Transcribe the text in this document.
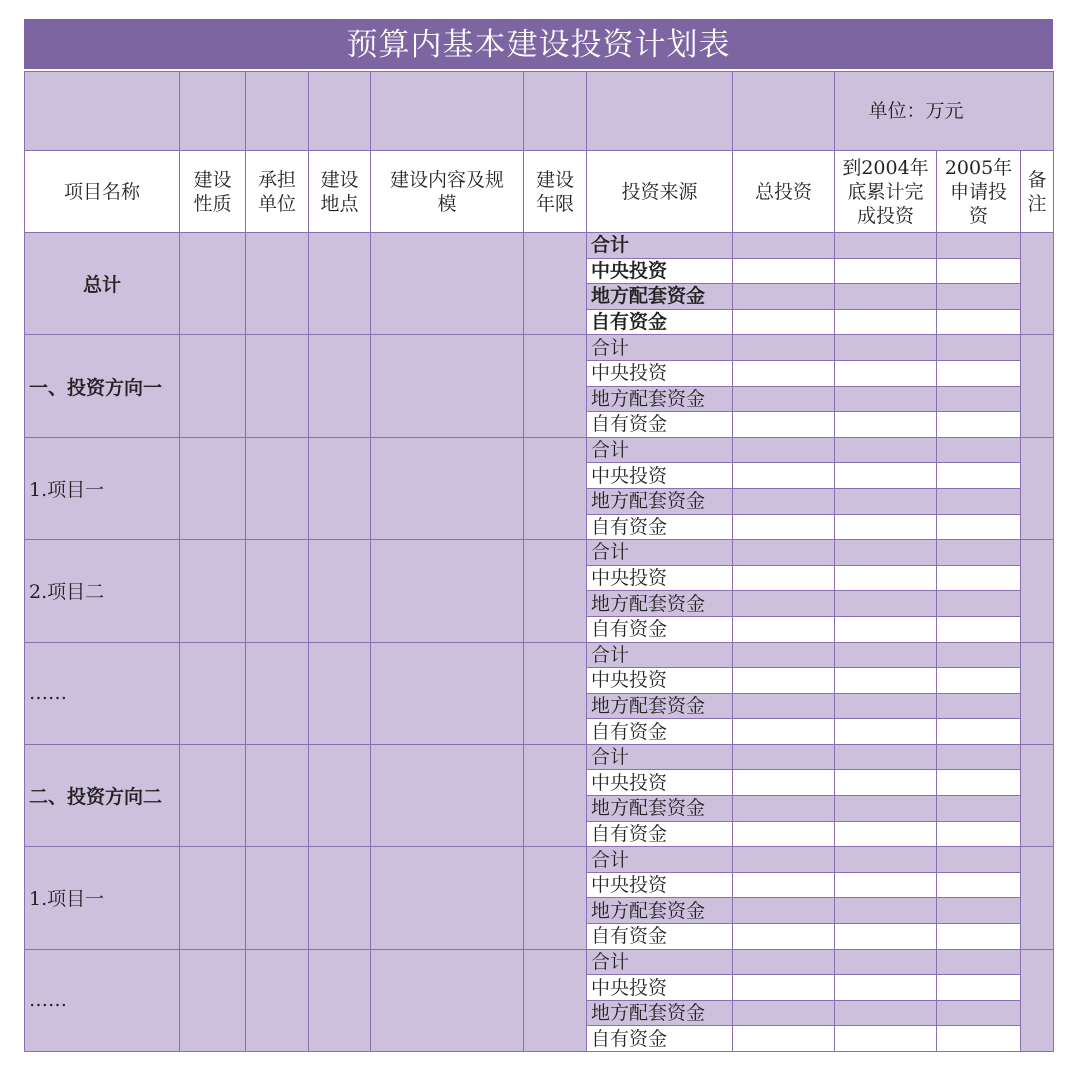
预算内基本建设投资计划表
								单位：万元		
项目名称	建设性质	承担单位	建设地点	建设内容及规模	建设年限	投资来源	总投资	到2004年底累计完成投资	2005年申请投资	备注
总计						合计				
						中央投资				
						地方配套资金				
						自有资金				
一、投资方向一						合计				
						中央投资				
						地方配套资金				
						自有资金				
1.项目一						合计				
						中央投资				
						地方配套资金				
						自有资金				
2.项目二						合计				
						中央投资				
						地方配套资金				
						自有资金				
……						合计				
						中央投资				
						地方配套资金				
						自有资金				
二、投资方向二						合计				
						中央投资				
						地方配套资金				
						自有资金				
1.项目一						合计				
						中央投资				
						地方配套资金				
						自有资金				
……						合计				
						中央投资				
						地方配套资金				
						自有资金				
